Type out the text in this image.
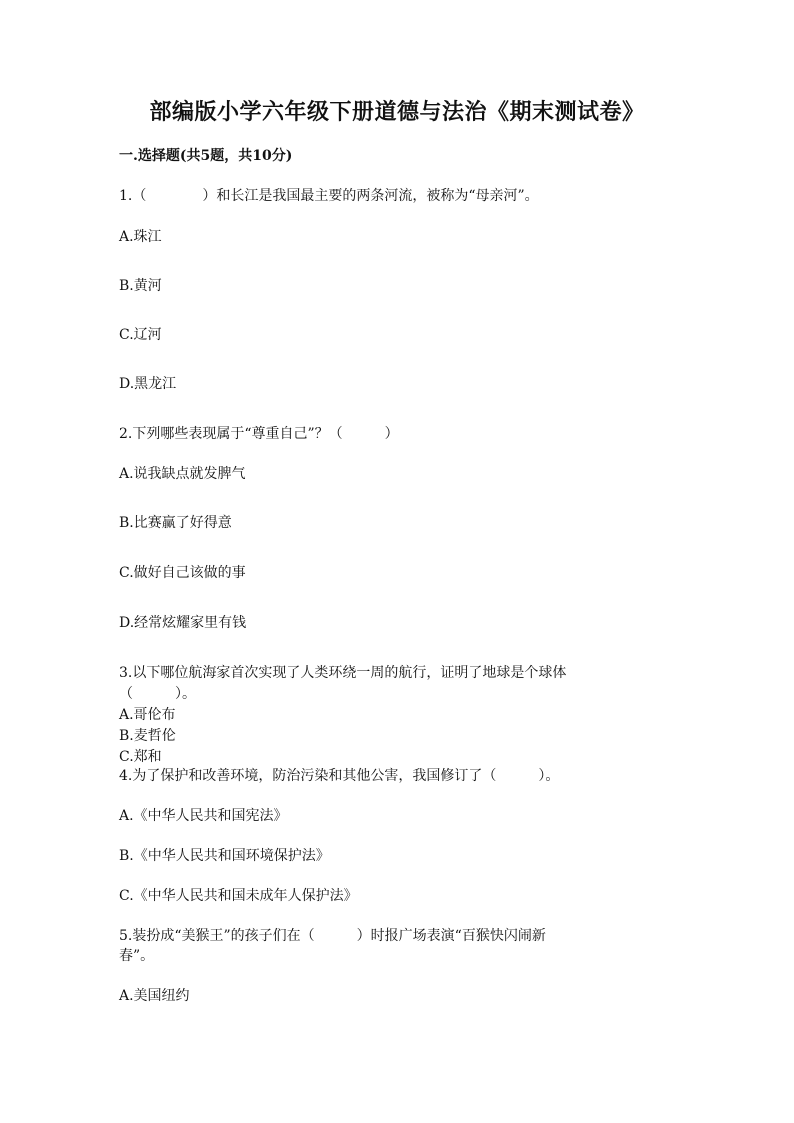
部编版小学六年级下册道德与法治《期末测试卷》
一.选择题(共5题，共10分)
1.（　　　　）和长江是我国最主要的两条河流，被称为“母亲河”。
A.珠江
B.黄河
C.辽河
D.黑龙江
2.下列哪些表现属于“尊重自己”？（　　　）
A.说我缺点就发脾气
B.比赛赢了好得意
C.做好自己该做的事
D.经常炫耀家里有钱
3.以下哪位航海家首次实现了人类环绕一周的航行，证明了地球是个球体
（　　　）。
A.哥伦布
B.麦哲伦
C.郑和
4.为了保护和改善环境，防治污染和其他公害，我国修订了（　　　）。
A.《中华人民共和国宪法》
B.《中华人民共和国环境保护法》
C.《中华人民共和国未成年人保护法》
5.装扮成“美猴王”的孩子们在（　　　）时报广场表演“百猴快闪闹新
春”。
A.美国纽约
